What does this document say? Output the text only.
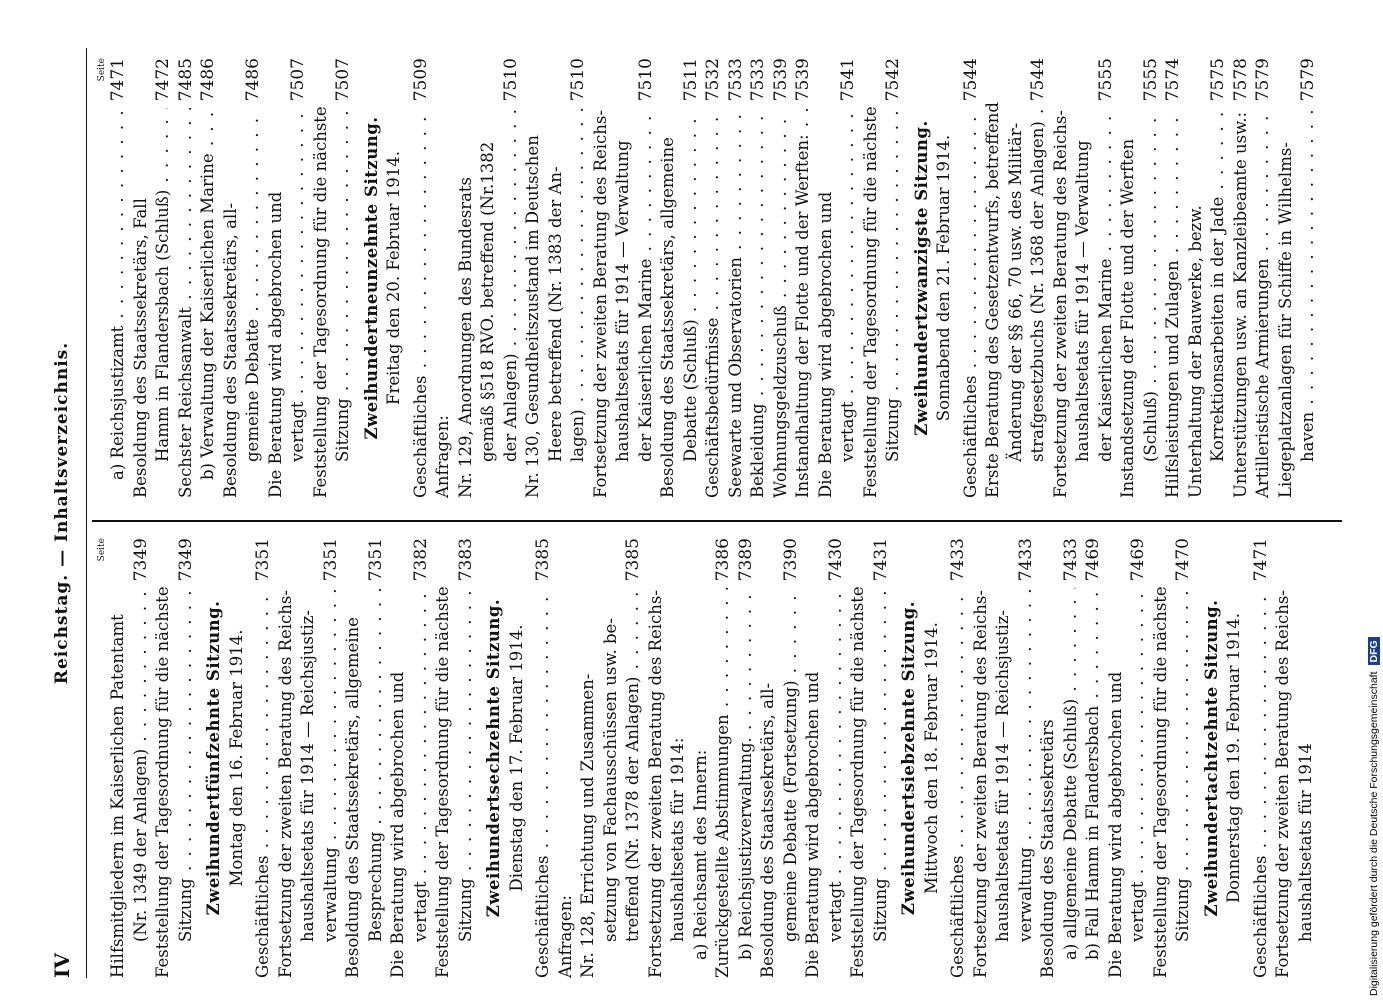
IV
Reichstag. — Inhaltsverzeichnis.	Seite
Hilfsmitgliedern im Kaiserlichen Patentamt (Nr. 1349 der Anlagen) . . .
7349
Feststellung der Tagesordnung für die nächste Sitzung . . .
7349
Zweihundertfünfzehnte Sitzung. Montag den 16. Februar 1914.
Geschäftliches . . .
7351
Fortsetzung der zweiten Beratung des Reichs- haushaltsetats für 1914 — Reichsjustiz- verwaltung . . .
7351
Besoldung des Staatssekretärs, allgemeine Besprechung . . .
7351
Die Beratung wird abgebrochen und vertagt . . .
7382
Feststellung der Tagesordnung für die nächste Sitzung . . .
7383
Zweihundertsechzehnte Sitzung. Dienstag den 17. Februar 1914.
Geschäftliches . . .
7385
Anfragen: Nr. 128, Errichtung und Zusammen- setzung von Fachausschüssen usw. be- treffend (Nr. 1378 der Anlagen) . . .
7385
Fortsetzung der zweiten Beratung des Reichs- haushaltsetats für 1914: a) Reichsamt des Innern: Zurückgestellte Abstimmungen . . .
7386
b) Reichsjustizverwaltung. . . .
7389
Besoldung des Staatssekretärs, all- gemeine Debatte (Fortsetzung) . . .
7390
Die Beratung wird abgebrochen und vertagt . . .
7430
Feststellung der Tagesordnung für die nächste Sitzung . . .
7431
Zweihundertsiebzehnte Sitzung. Mittwoch den 18. Februar 1914.
Geschäftliches . . .
7433
Fortsetzung der zweiten Beratung des Reichs- haushaltsetats für 1914 — Reichsjustiz- verwaltung . . .
7433
Besoldung des Staatssekretärs a) allgemeine Debatte (Schluß) . . .
7433
b) Fall Hamm in Flandersbach . . .
7469
Die Beratung wird abgebrochen und vertagt . . .
7469
Feststellung der Tagesordnung für die nächste Sitzung . . .
7470
Zweihundertachtzehnte Sitzung. Donnerstag den 19. Februar 1914.
Geschäftliches . . .
7471
Fortsetzung der zweiten Beratung des Reichs- haushaltsetats für 1914
Seite
a) Reichsjustizamt . . .
7471
Besoldung des Staatssekretärs, Fall Hamm in Flandersbach (Schluß) . . .
7472
Sechster Reichsanwalt . . .
7485
b) Verwaltung der Kaiserlichen Marine . . .
7486
Besoldung des Staatssekretärs, all- gemeine Debatte . . .
7486
Die Beratung wird abgebrochen und vertagt . . .
7507
Feststellung der Tagesordnung für die nächste Sitzung . . .
7507
Zweihundertneunzehnte Sitzung. Freitag den 20. Februar 1914.
Geschäftliches . . .
7509
Anfragen: Nr. 129, Anordnungen des Bundesrats gemäß §518 RVO. betreffend (Nr.1382 der Anlagen) . . .
7510
Nr. 130, Gesundheitszustand im Deutschen Heere betreffend (Nr. 1383 der An- lagen) . . .
7510
Fortsetzung der zweiten Beratung des Reichs- haushaltsetats für 1914 — Verwaltung der Kaiserlichen Marine . . .
7510
Besoldung des Staatssekretärs, allgemeine Debatte (Schluß) . . .
7511
Geschäftsbedürfnisse . . .
7532
Seewarte und Observatorien . . .
7533
Bekleidung . . .
7533
Wohnungsgeldzuschuß . . .
7539
Instandhaltung der Flotte und der Werften: . . .
7539
Die Beratung wird abgebrochen und vertagt . . .
7541
Feststellung der Tagesordnung für die nächste Sitzung . . .
7542
Zweihundertzwanzigste Sitzung. Sonnabend den 21. Februar 1914.
Geschäftliches . . .
7544
Erste Beratung des Gesetzentwurfs, betreffend Änderung der §§ 66, 70 usw. des Militär- strafgesetzbuchs (Nr. 1368 der Anlagen) . . .
7544
Fortsetzung der zweiten Beratung des Reichs- haushaltsetats für 1914 — Verwaltung der Kaiserlichen Marine . . .
7555
Instandsetzung der Flotte und der Werften (Schluß) . . .
7555
Hilfsleistungen und Zulagen . . .
7574
Unterhaltung der Bauwerke, bezw. Korrektionsarbeiten in der Jade . . .
7575
Unterstützungen usw. an Kanzleibeamte usw.: . . .
7578
Artilleristische Armierungen . . .
7579
Liegeplatzanlagen für Schiffe in Wilhelms- haven . . .
7579
Digitalisierung gefördert durch die Deutsche ForschungsgemeinschaftDFG
